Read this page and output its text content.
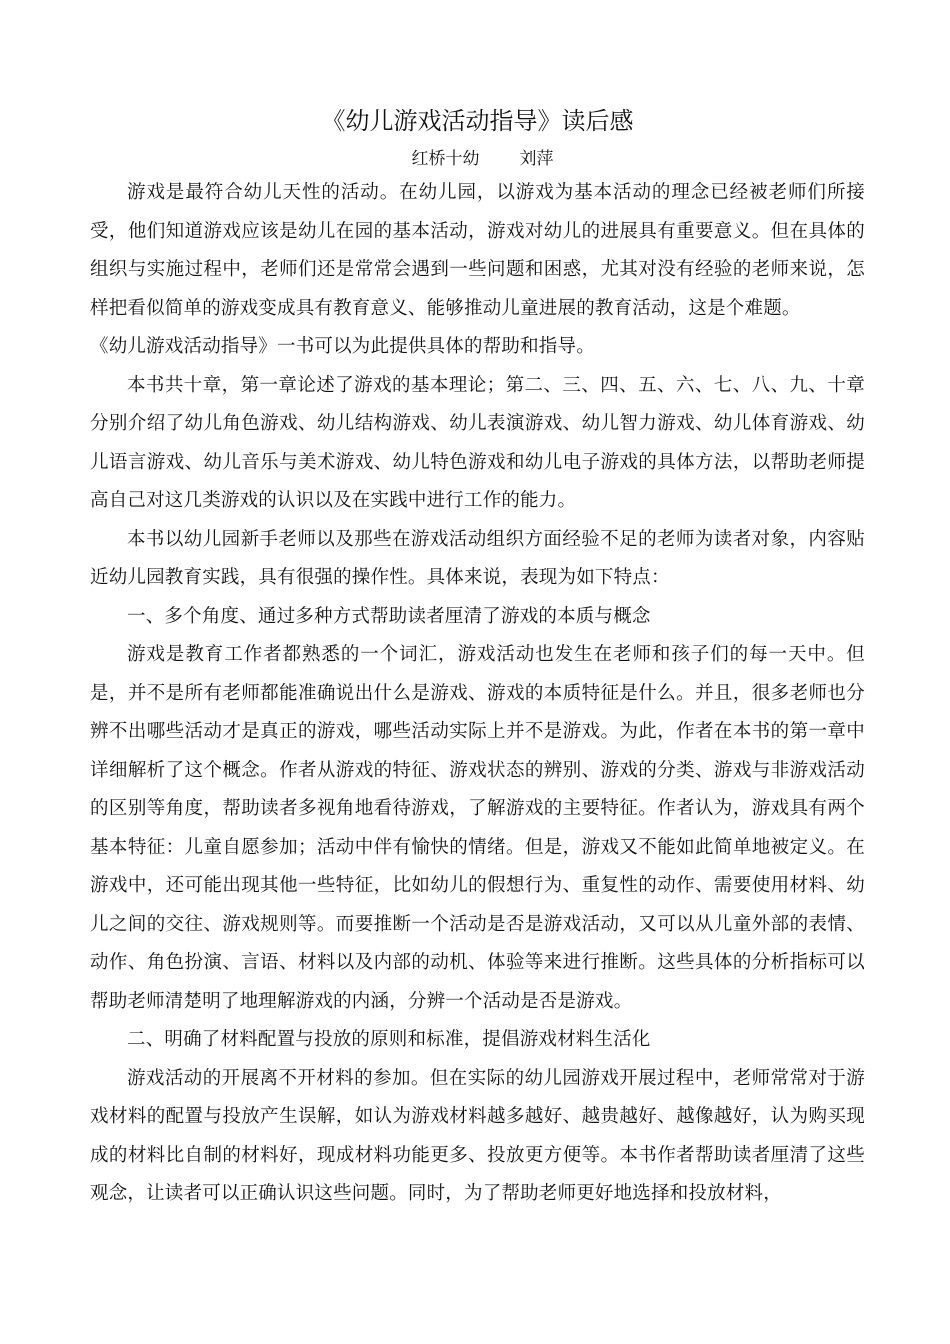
《幼儿游戏活动指导》读后感
红桥十幼 刘萍

游戏是最符合幼儿天性的活动。在幼儿园，以游戏为基本活动的理念已经被老师们所接受，他们知道游戏应该是幼儿在园的基本活动，游戏对幼儿的进展具有重要意义。但在具体的组织与实施过程中，老师们还是常常会遇到一些问题和困惑，尤其对没有经验的老师来说，怎样把看似简单的游戏变成具有教育意义、能够推动儿童进展的教育活动，这是个难题。

《幼儿游戏活动指导》一书可以为此提供具体的帮助和指导。

本书共十章，第一章论述了游戏的基本理论；第二、三、四、五、六、七、八、九、十章分别介绍了幼儿角色游戏、幼儿结构游戏、幼儿表演游戏、幼儿智力游戏、幼儿体育游戏、幼儿语言游戏、幼儿音乐与美术游戏、幼儿特色游戏和幼儿电子游戏的具体方法，以帮助老师提高自己对这几类游戏的认识以及在实践中进行工作的能力。

本书以幼儿园新手老师以及那些在游戏活动组织方面经验不足的老师为读者对象，内容贴近幼儿园教育实践，具有很强的操作性。具体来说，表现为如下特点：

一、多个角度、通过多种方式帮助读者厘清了游戏的本质与概念

游戏是教育工作者都熟悉的一个词汇，游戏活动也发生在老师和孩子们的每一天中。但是，并不是所有老师都能准确说出什么是游戏、游戏的本质特征是什么。并且，很多老师也分辨不出哪些活动才是真正的游戏，哪些活动实际上并不是游戏。为此，作者在本书的第一章中详细解析了这个概念。作者从游戏的特征、游戏状态的辨别、游戏的分类、游戏与非游戏活动的区别等角度，帮助读者多视角地看待游戏，了解游戏的主要特征。作者认为，游戏具有两个基本特征：儿童自愿参加；活动中伴有愉快的情绪。但是，游戏又不能如此简单地被定义。在游戏中，还可能出现其他一些特征，比如幼儿的假想行为、重复性的动作、需要使用材料、幼儿之间的交往、游戏规则等。而要推断一个活动是否是游戏活动，又可以从儿童外部的表情、动作、角色扮演、言语、材料以及内部的动机、体验等来进行推断。这些具体的分析指标可以帮助老师清楚明了地理解游戏的内涵，分辨一个活动是否是游戏。

二、明确了材料配置与投放的原则和标准，提倡游戏材料生活化

游戏活动的开展离不开材料的参加。但在实际的幼儿园游戏开展过程中，老师常常对于游戏材料的配置与投放产生误解，如认为游戏材料越多越好、越贵越好、越像越好，认为购买现成的材料比自制的材料好，现成材料功能更多、投放更方便等。本书作者帮助读者厘清了这些观念，让读者可以正确认识这些问题。同时，为了帮助老师更好地选择和投放材料，
